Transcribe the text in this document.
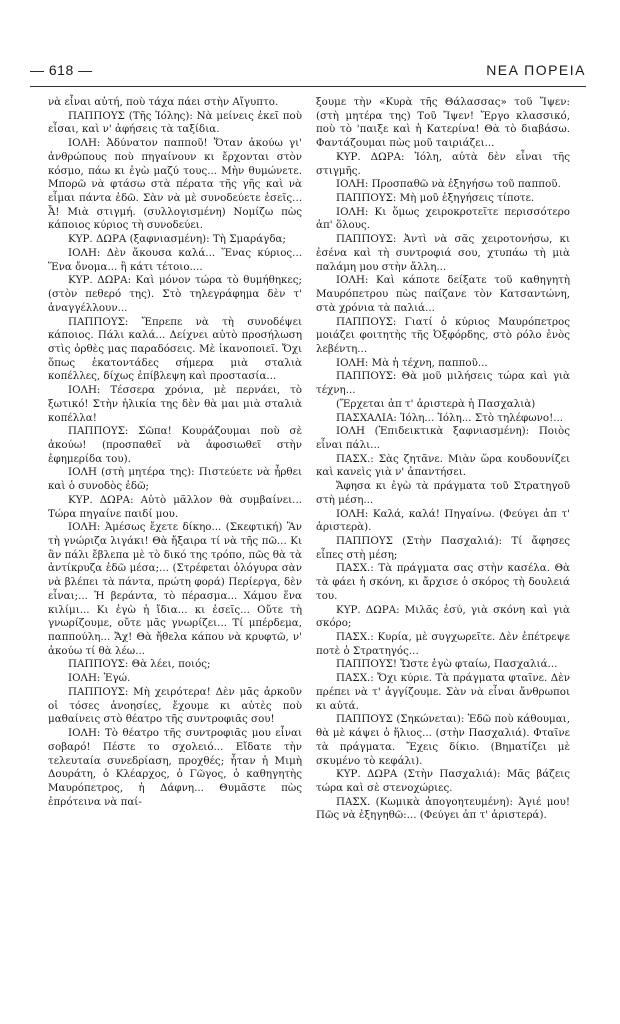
— 618 —	ΝΕΑ ΠΟΡΕΙΑ

νὰ εἶναι αὐτή, ποὺ τάχα πάει στὴν Αἴγυπτο.

ΠΑΠΠΟΥΣ (Τῆς Ἰόλης): Νὰ μείνεις ἐκεῖ ποὺ εἶσαι, καὶ ν' ἀφήσεις τὰ ταξίδια.

ΙΟΛΗ: Ἀδύνατον παπποῦ! Ὅταν ἀκούω γι' ἀνθρώπους ποὺ πηγαίνουν κι ἔρχονται στὸν κόσμο, πάω κι ἐγὼ μαζύ τους... Μὴν θυμώνετε. Μπορῶ νὰ φτάσω στὰ πέρατα τῆς γῆς καὶ νὰ εἶμαι πάντα ἐδῶ. Σὰν νὰ μὲ συνοδεύετε ἐσεῖς... Ἆ! Μιὰ στιγμή. (συλλογισμένη) Νομίζω πὼς κάποιος κύριος τὴ συνοδεύει.

ΚΥΡ. ΔΩΡΑ (ξαφνιασμένη): Τὴ Σμαράγδα;

ΙΟΛΗ: Δὲν ἄκουσα καλά... Ἕνας κύριος... Ἕνα ὄνομα... ἢ κάτι τέτοιο....

ΚΥΡ. ΔΩΡΑ: Καὶ μόνον τώρα τὸ θυμήθηκες; (στὸν πεθερό της). Στὸ τηλεγράφημα δὲν τ' ἀναγγέλλουν...

ΠΑΠΠΟΥΣ: Ἔπρεπε νὰ τὴ συνοδέψει κάποιος. Πάλι καλά... Δείχνει αὐτὸ προσήλωση στὶς ὀρθὲς μας παραδόσεις. Μὲ ἱκανοποιεῖ. Ὄχι ὅπως ἑκατοντάδες σήμερα μιὰ σταλιὰ κοπέλλες, δίχως ἐπίβλεψη καὶ προστασία...

ΙΟΛΗ: Τέσσερα χρόνια, μὲ περνάει, τὸ ξωτικό! Στὴν ἡλικία της δὲν θὰ μαι μιὰ σταλιὰ κοπέλλα!

ΠΑΠΠΟΥΣ: Σῶπα! Κουράζουμαι ποὺ σὲ ἀκούω! (προσπαθεῖ νὰ ἀφοσιωθεῖ στὴν ἐφημερίδα του).

ΙΟΛΗ (στὴ μητέρα της): Πιστεύετε νὰ ἦρθει καὶ ὁ συνοδὸς ἐδῶ;

ΚΥΡ. ΔΩΡΑ: Αὐτὸ μᾶλλον θὰ συμβαίνει... Τώρα πηγαίνε παιδί μου.

ΙΟΛΗ: Ἀμέσως ἔχετε δίκηο... (Σκεφτική) Ἂν τὴ γνώριζα λιγάκι! Θὰ ἤξαιρα τί νὰ τῆς πῶ... Κι ἂν πάλι ἔβλεπα μὲ τὸ δικό της τρόπο, πῶς θὰ τὰ ἀντίκρυζα ἐδῶ μέσα;... (Στρέφεται ὁλόγυρα σὰν νὰ βλέπει τὰ πάντα, πρώτη φορά) Περίεργα, δὲν εἶναι;... Ἡ βεράντα, τὸ πέρασμα... Χάμου ἕνα κιλίμι... Κι ἐγὼ ἡ ἴδια... κι ἐσεῖς... Οὔτε τὴ γνωρίζουμε, οὔτε μᾶς γνωρίζει... Τί μπέρδεμα, παππούλη... Ἄχ! Θὰ ἤθελα κάπου νὰ κρυφτῶ, ν' ἀκούω τί θὰ λέω...

ΠΑΠΠΟΥΣ: Θὰ λέει, ποιός;

ΙΟΛΗ: Ἐγώ.

ΠΑΠΠΟΥΣ: Μὴ χειρότερα! Δὲν μᾶς ἀρκοῦν οἱ τόσες ἀνοησίες, ἔχουμε κι αὐτὲς ποὺ μαθαίνεις στὸ θέατρο τῆς συντροφιᾶς σου!

ΙΟΛΗ: Τὸ θέατρο τῆς συντροφιᾶς μου εἶναι σοβαρό! Πέστε το σχολειό... Εἴδατε τὴν τελευταία συνεδρίαση, προχθές; ἦταν ἡ Μιμὴ Δουράτη, ὁ Κλέαρχος, ὁ Γῶγος, ὁ καθηγητὴς Μαυρόπετρος, ἡ Δάφνη... Θυμᾶστε πὼς ἐπρότεινα νὰ παί-

ξουμε τὴν «Κυρὰ τῆς Θάλασσας» τοῦ Ἴψεν: (στὴ μητέρα της) Τοῦ Ἴψεν! Ἔργο κλασσικό, ποὺ τὸ 'παιξε καὶ ἡ Κατερίνα! Θὰ τὸ διαβάσω. Φαντάζουμαι πὼς μοῦ ταιριάζει...

ΚΥΡ. ΔΩΡΑ: Ἰόλη, αὐτὰ δὲν εἶναι τῆς στιγμῆς.

ΙΟΛΗ: Προσπαθῶ νὰ ἐξηγήσω τοῦ παπποῦ.

ΠΑΠΠΟΥΣ: Μὴ μοῦ ἐξηγήσεις τίποτε.

ΙΟΛΗ: Κι ὅμως χειροκροτεῖτε περισσότερο ἀπ' ὅλους.

ΠΑΠΠΟΥΣ: Ἀντὶ νὰ σᾶς χειροτονήσω, κι ἐσένα καὶ τὴ συντροφιά σου, χτυπάω τὴ μιὰ παλάμη μου στὴν ἄλλη...

ΙΟΛΗ: Καὶ κάποτε δείξατε τοῦ καθηγητὴ Μαυρόπετρου πὼς παίζανε τὸν Κατσαντώνη, στὰ χρόνια τὰ παλιά...

ΠΑΠΠΟΥΣ: Γιατί ὁ κύριος Μαυρόπετρος μοιάζει φοιτητὴς τῆς Ὀξφόρδης, στὸ ρόλο ἑνὸς λεβέντη...

ΙΟΛΗ: Μὰ ἡ τέχνη, παπποῦ...

ΠΑΠΠΟΥΣ: Θὰ μοῦ μιλήσεις τώρα καὶ γιὰ τέχνη...

(Ἔρχεται ἀπ τ' ἀριστερὰ ἡ Πασχαλιὰ)

ΠΑΣΧΑΛΙΑ: Ἰόλη... Ἰόλη... Στὸ τηλέφωνο!...

ΙΟΛΗ (Ἐπιδεικτικὰ ξαφνιασμένη): Ποιὸς εἶναι πάλι...

ΠΑΣΧ.: Σὰς ζητᾶνε. Μιὰν ὥρα κουδουνίζει καὶ κανεὶς γιὰ ν' ἀπαντήσει.

Ἄφησα κι ἐγὼ τὰ πράγματα τοῦ Στρατηγοῦ στὴ μέση...

ΙΟΛΗ: Καλά, καλά! Πηγαίνω. (Φεύγει ἀπ τ' ἀριστερὰ).

ΠΑΠΠΟΥΣ (Στὴν Πασχαλιά): Τί ἄφησες εἶπες στὴ μέση;

ΠΑΣΧ.: Τὰ πράγματα σας στὴν κασέλα. Θὰ τὰ φάει ἡ σκόνη, κι ἄρχισε ὁ σκόρος τὴ δουλειά του.

ΚΥΡ. ΔΩΡΑ: Μιλᾶς ἐσύ, γιὰ σκόνη καὶ γιὰ σκόρο;

ΠΑΣΧ.: Κυρία, μὲ συγχωρεῖτε. Δὲν ἐπέτρεψε ποτὲ ὁ Στρατηγός...

ΠΑΠΠΟΥΣ! Ὥστε ἐγὼ φταίω, Πασχαλιά...

ΠΑΣΧ.: Ὄχι κύριε. Τὰ πράγματα φταῖνε. Δὲν πρέπει νὰ τ' ἀγγίζουμε. Σὰν νὰ εἶναι ἄνθρωποι κι αὐτά.

ΠΑΠΠΟΥΣ (Σηκώνεται): Ἐδῶ ποὺ κάθουμαι, θὰ μὲ κάψει ὁ ἥλιος... (στὴν Πασχαλιά). Φταῖνε τὰ πράγματα. Ἔχεις δίκιο. (Βηματίζει μὲ σκυμένο τὸ κεφάλι).

ΚΥΡ. ΔΩΡΑ (Στὴν Πασχαλιά): Μᾶς βάζεις τώρα καὶ σὲ στενοχώριες.

ΠΑΣΧ. (Κωμικὰ ἀπογοητευμένη): Ἁγιέ μου! Πῶς νὰ ἐξηγηθῶ:... (Φεύγει ἀπ τ' ἀριστερά).
